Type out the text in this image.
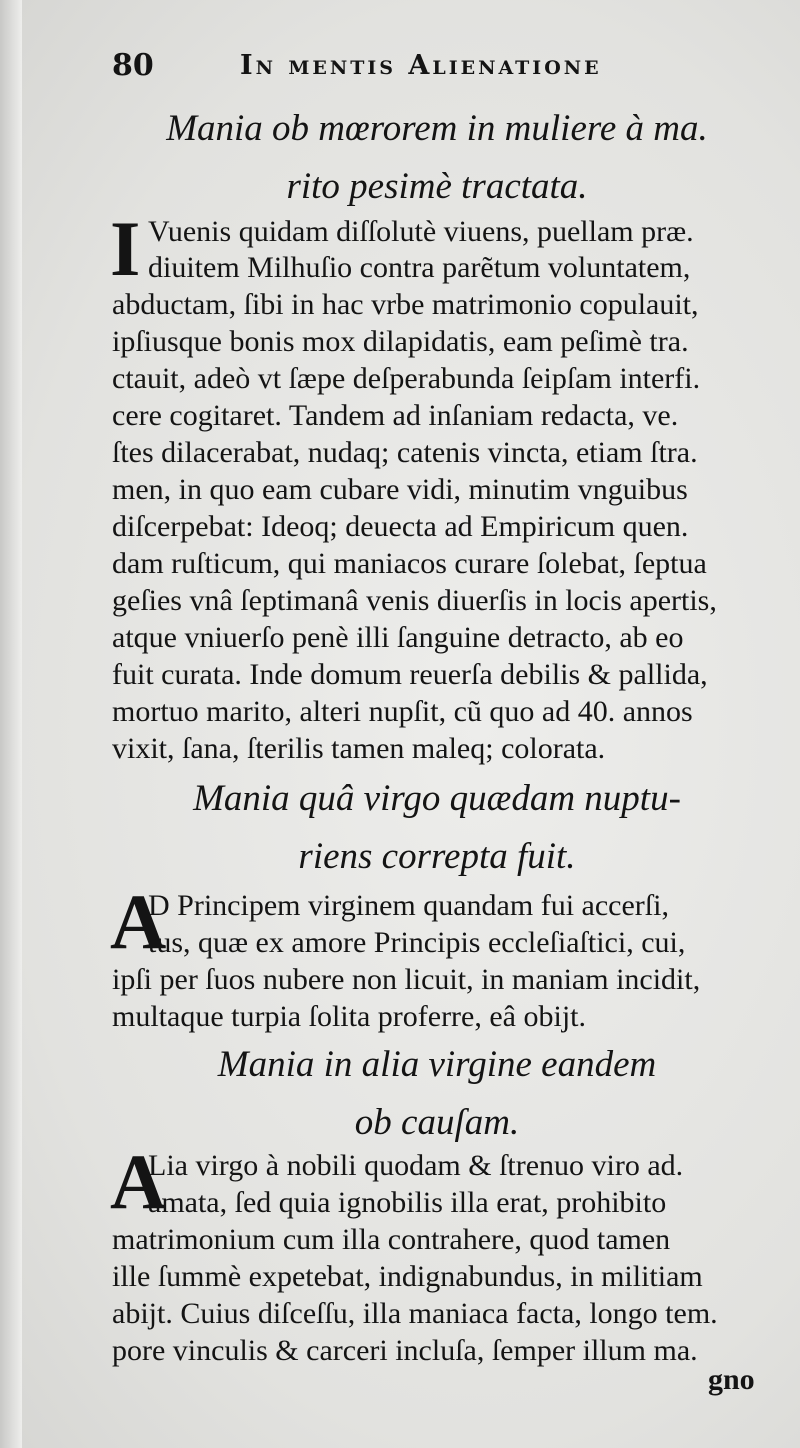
80	In mentis Alienatione
Mania ob mœrorem in muliere à ma.
rito pesimè tractata.
I Vuenis quidam diſſolutè viuens, puellam præ.
diuitem Milhuſio contra parẽtum voluntatem,
abductam, ſibi in hac vrbe matrimonio copulauit,
ipſiusque bonis mox dilapidatis, eam peſimè tra.
ctauit, adeò vt ſæpe deſperabunda ſeipſam interfi.
cere cogitaret. Tandem ad inſaniam redacta, ve.
ſtes dilacerabat, nudaq; catenis vincta, etiam ſtra.
men, in quo eam cubare vidi, minutim vnguibus
diſcerpebat: Ideoq; deuecta ad Empiricum quen.
dam ruſticum, qui maniacos curare ſolebat, ſeptua
geſies vnâ ſeptimanâ venis diuerſis in locis apertis,
atque vniuerſo penè illi ſanguine detracto, ab eo
fuit curata. Inde domum reuerſa debilis & pallida,
mortuo marito, alteri nupſit, cũ quo ad 40. annos
vixit, ſana, ſterilis tamen maleq; colorata.
Mania quâ virgo quædam nuptu-
riens correpta fuit.
A
D Principem virginem quandam fui accerſi,
tus, quæ ex amore Principis eccleſiaſtici, cui,
ipſi per ſuos nubere non licuit, in maniam incidit,
multaque turpia ſolita proferre, eâ obijt.
Mania in alia virgine eandem
ob cauſam.
A
Lia virgo à nobili quodam & ſtrenuo viro ad.
amata, ſed quia ignobilis illa erat, prohibito
matrimonium cum illa contrahere, quod tamen
ille ſummè expetebat, indignabundus, in militiam
abijt. Cuius diſceſſu, illa maniaca facta, longo tem.
pore vinculis & carceri incluſa, ſemper illum ma.
gno
